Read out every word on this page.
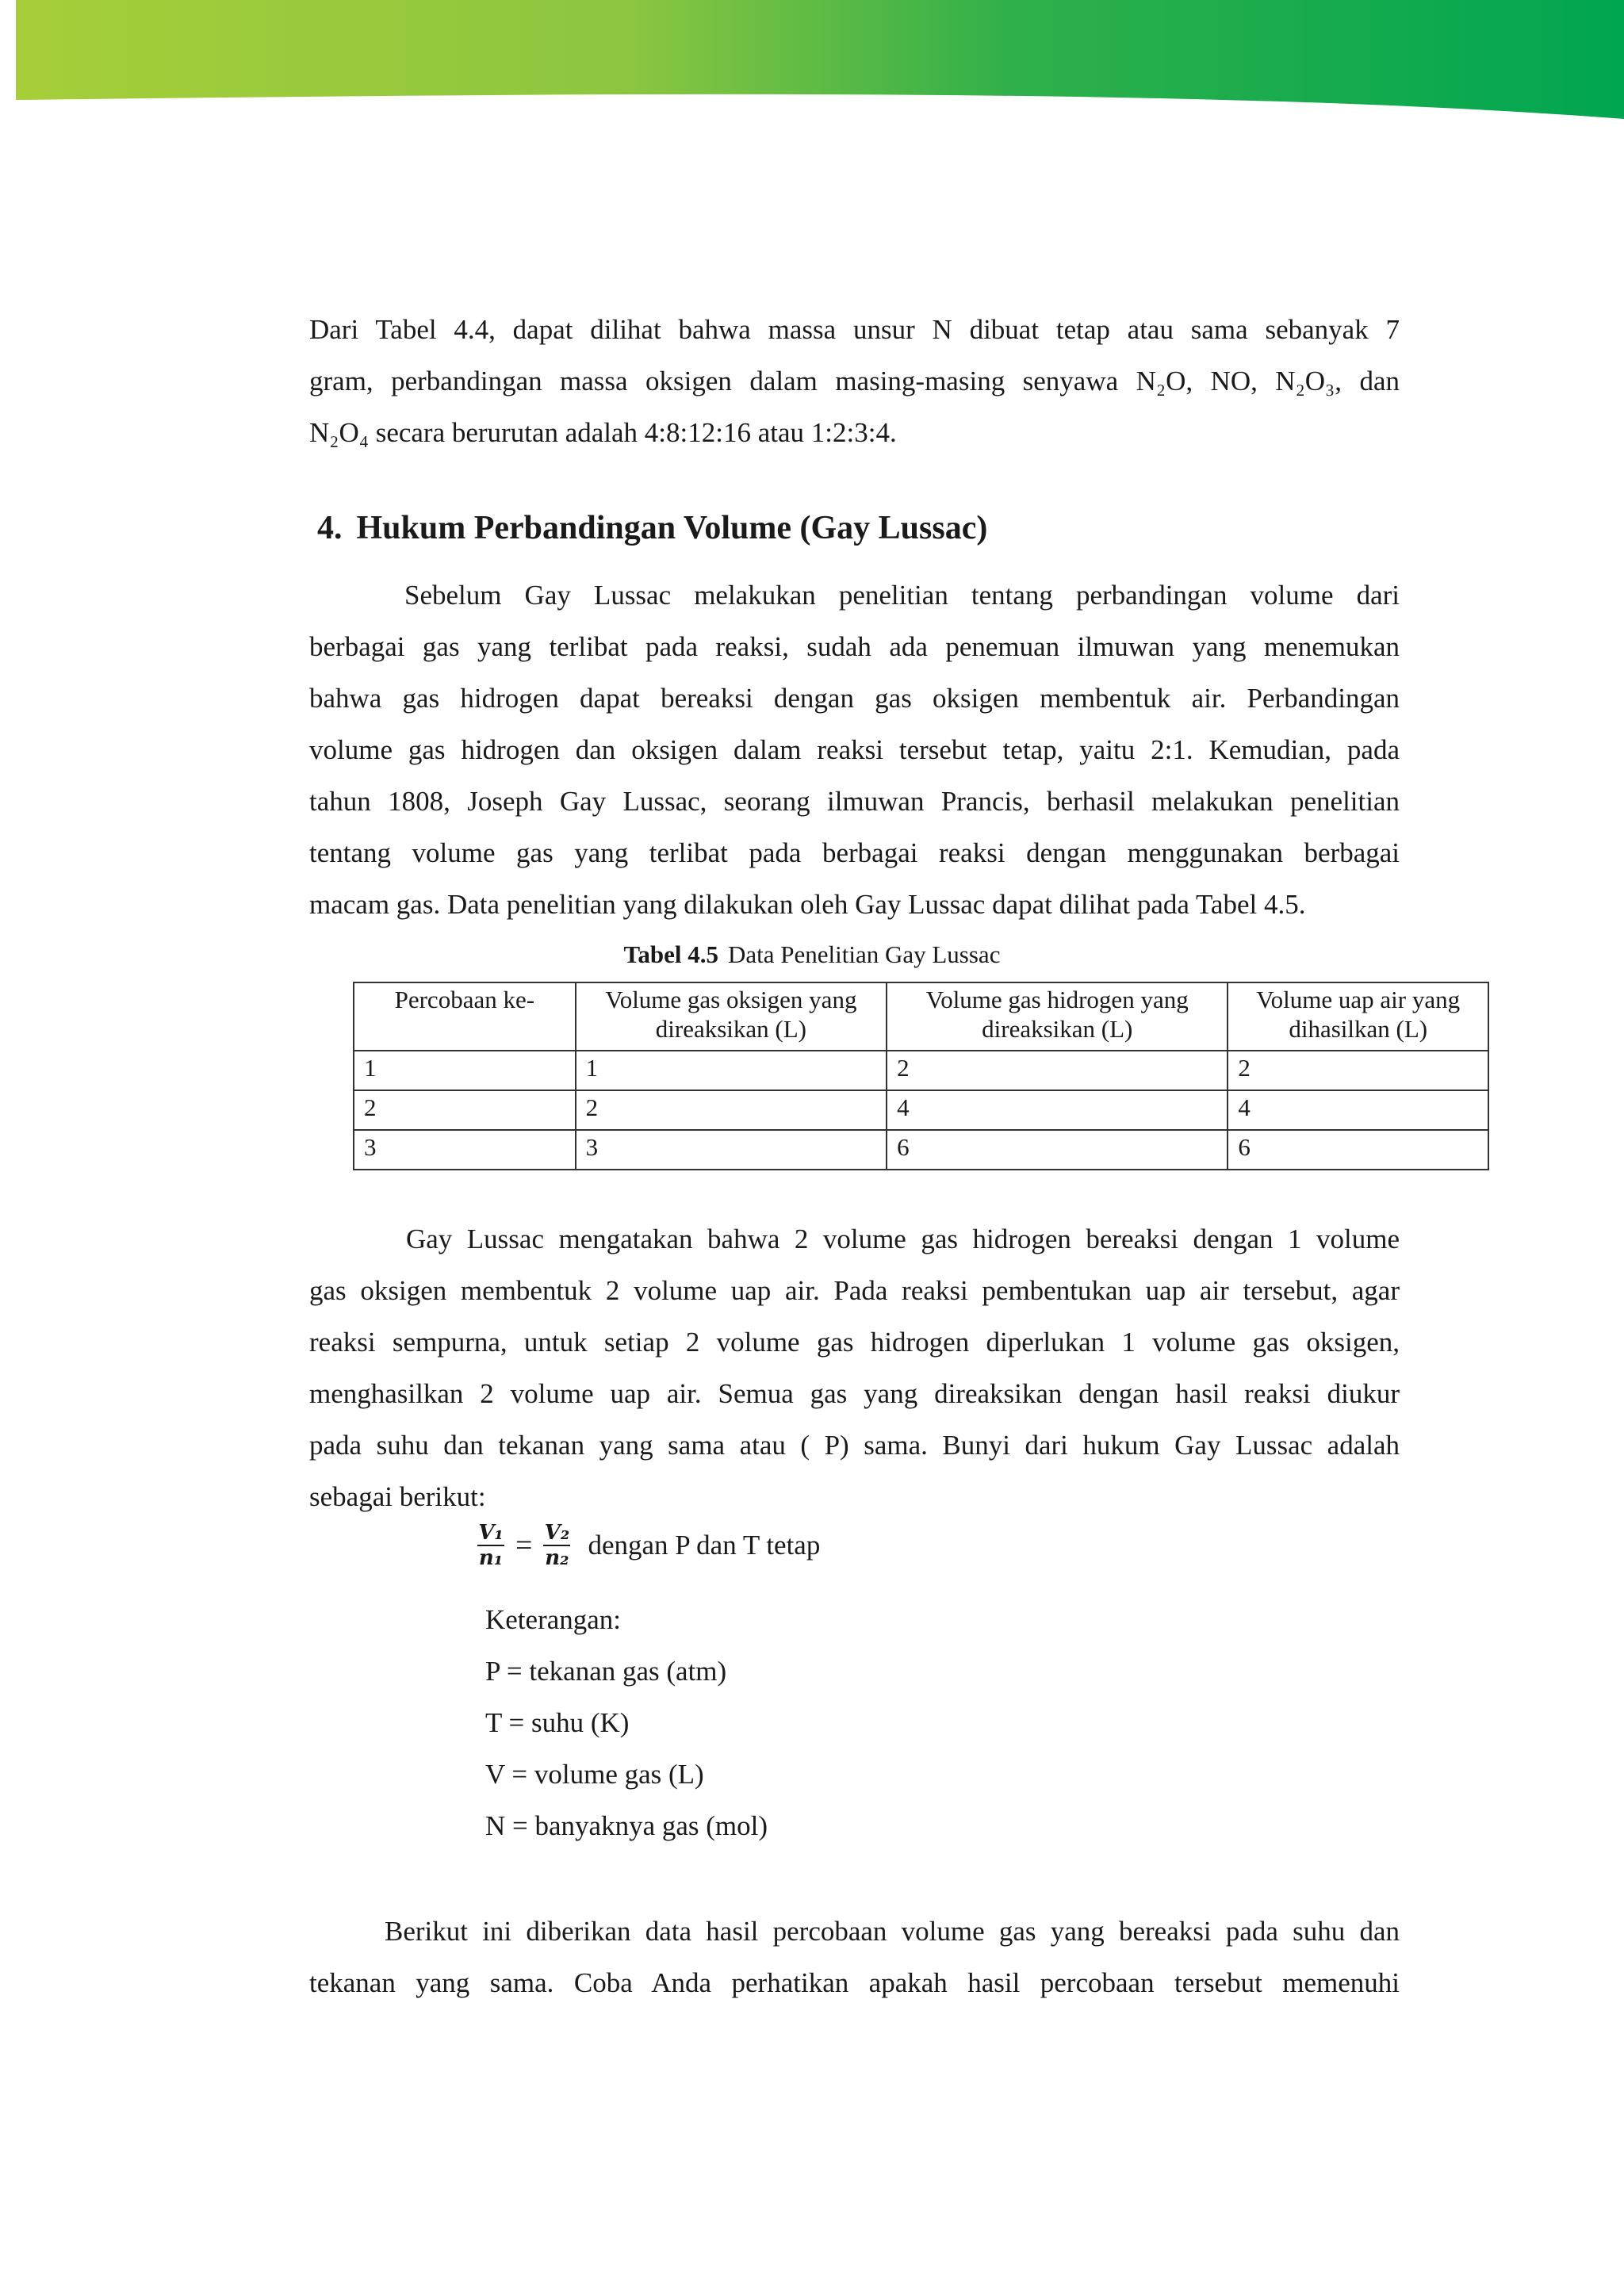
Dari Tabel 4.4, dapat dilihat bahwa massa unsur N dibuat tetap atau sama sebanyak 7
gram, perbandingan massa oksigen dalam masing-masing senyawa N₂O, NO, N₂O₃, dan
N₂O₄ secara berurutan adalah 4:8:12:16 atau 1:2:3:4.
4. Hukum Perbandingan Volume (Gay Lussac)
Sebelum Gay Lussac melakukan penelitian tentang perbandingan volume dari
berbagai gas yang terlibat pada reaksi, sudah ada penemuan ilmuwan yang menemukan
bahwa gas hidrogen dapat bereaksi dengan gas oksigen membentuk air. Perbandingan
volume gas hidrogen dan oksigen dalam reaksi tersebut tetap, yaitu 2:1. Kemudian, pada
tahun 1808, Joseph Gay Lussac, seorang ilmuwan Prancis, berhasil melakukan penelitian
tentang volume gas yang terlibat pada berbagai reaksi dengan menggunakan berbagai
macam gas. Data penelitian yang dilakukan oleh Gay Lussac dapat dilihat pada Tabel 4.5.
Tabel 4.5 Data Penelitian Gay Lussac
Percobaan ke-	Volume gas oksigen yang direaksikan (L)	Volume gas hidrogen yang direaksikan (L)	Volume uap air yang dihasilkan (L)
1	1	2	2
2	2	4	4
3	3	6	6
Gay Lussac mengatakan bahwa 2 volume gas hidrogen bereaksi dengan 1 volume
gas oksigen membentuk 2 volume uap air. Pada reaksi pembentukan uap air tersebut, agar
reaksi sempurna, untuk setiap 2 volume gas hidrogen diperlukan 1 volume gas oksigen,
menghasilkan 2 volume uap air. Semua gas yang direaksikan dengan hasil reaksi diukur
pada suhu dan tekanan yang sama atau ( P) sama. Bunyi dari hukum Gay Lussac adalah
sebagai berikut:
$\frac{\text{V₁}}{\text{n₁}} = \frac{\text{V₂}}{\text{n₂}}$ dengan P dan T tetap
Keterangan:
P = tekanan gas (atm)
T = suhu (K)
V = volume gas (L)
N = banyaknya gas (mol)
Berikut ini diberikan data hasil percobaan volume gas yang bereaksi pada suhu dan
tekanan yang sama. Coba Anda perhatikan apakah hasil percobaan tersebut memenuhi
